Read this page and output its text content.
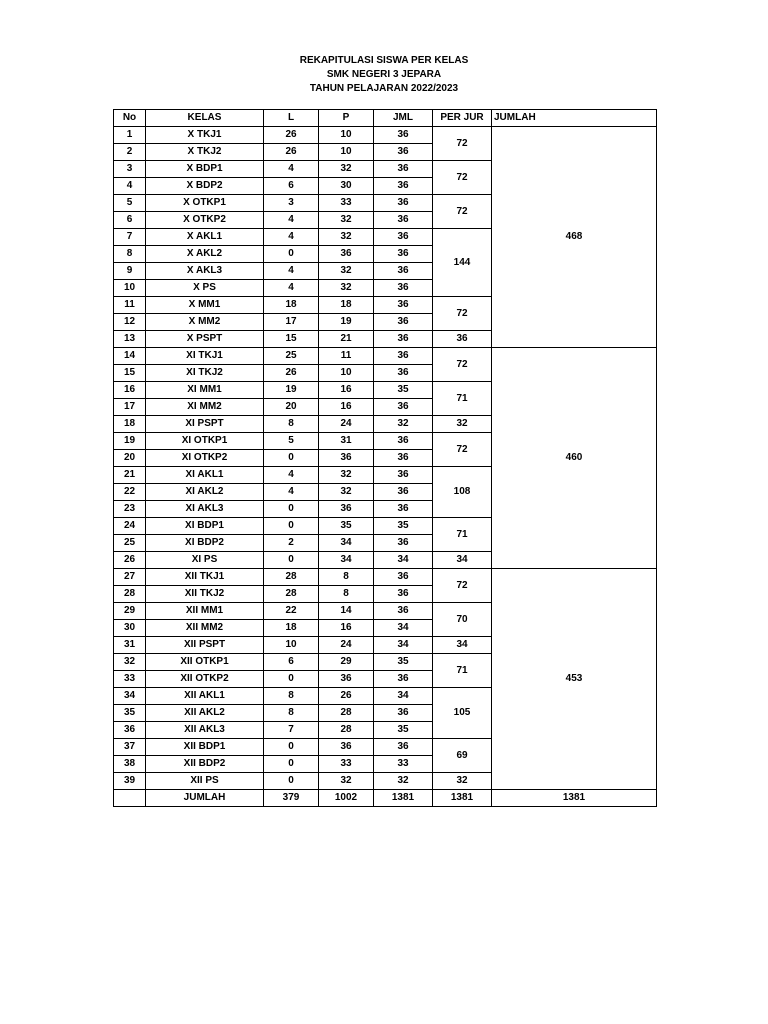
REKAPITULASI SISWA PER KELAS
SMK NEGERI 3 JEPARA
TAHUN PELAJARAN 2022/2023
No	KELAS	L	P	JML	PER JUR	JUMLAH
1	X TKJ1	26	10	36	72	468
2	X TKJ2	26	10	36		
3	X BDP1	4	32	36	72	
4	X BDP2	6	30	36		
5	X OTKP1	3	33	36	72	
6	X OTKP2	4	32	36		
7	X AKL1	4	32	36	144	
8	X AKL2	0	36	36		
9	X AKL3	4	32	36		
10	X PS	4	32	36		
11	X MM1	18	18	36	72	
12	X MM2	17	19	36		
13	X PSPT	15	21	36	36	
14	XI TKJ1	25	11	36	72	460
15	XI TKJ2	26	10	36		
16	XI MM1	19	16	35	71	
17	XI MM2	20	16	36		
18	XI PSPT	8	24	32	32	
19	XI OTKP1	5	31	36	72	
20	XI OTKP2	0	36	36		
21	XI AKL1	4	32	36	108	
22	XI AKL2	4	32	36		
23	XI AKL3	0	36	36		
24	XI BDP1	0	35	35	71	
25	XI BDP2	2	34	36		
26	XI PS	0	34	34	34	
27	XII TKJ1	28	8	36	72	453
28	XII TKJ2	28	8	36		
29	XII MM1	22	14	36	70	
30	XII MM2	18	16	34		
31	XII PSPT	10	24	34	34	
32	XII OTKP1	6	29	35	71	
33	XII OTKP2	0	36	36		
34	XII AKL1	8	26	34	105	
35	XII AKL2	8	28	36		
36	XII AKL3	7	28	35		
37	XII BDP1	0	36	36	69	
38	XII BDP2	0	33	33		
39	XII PS	0	32	32	32	
	JUMLAH	379	1002	1381	1381	1381
